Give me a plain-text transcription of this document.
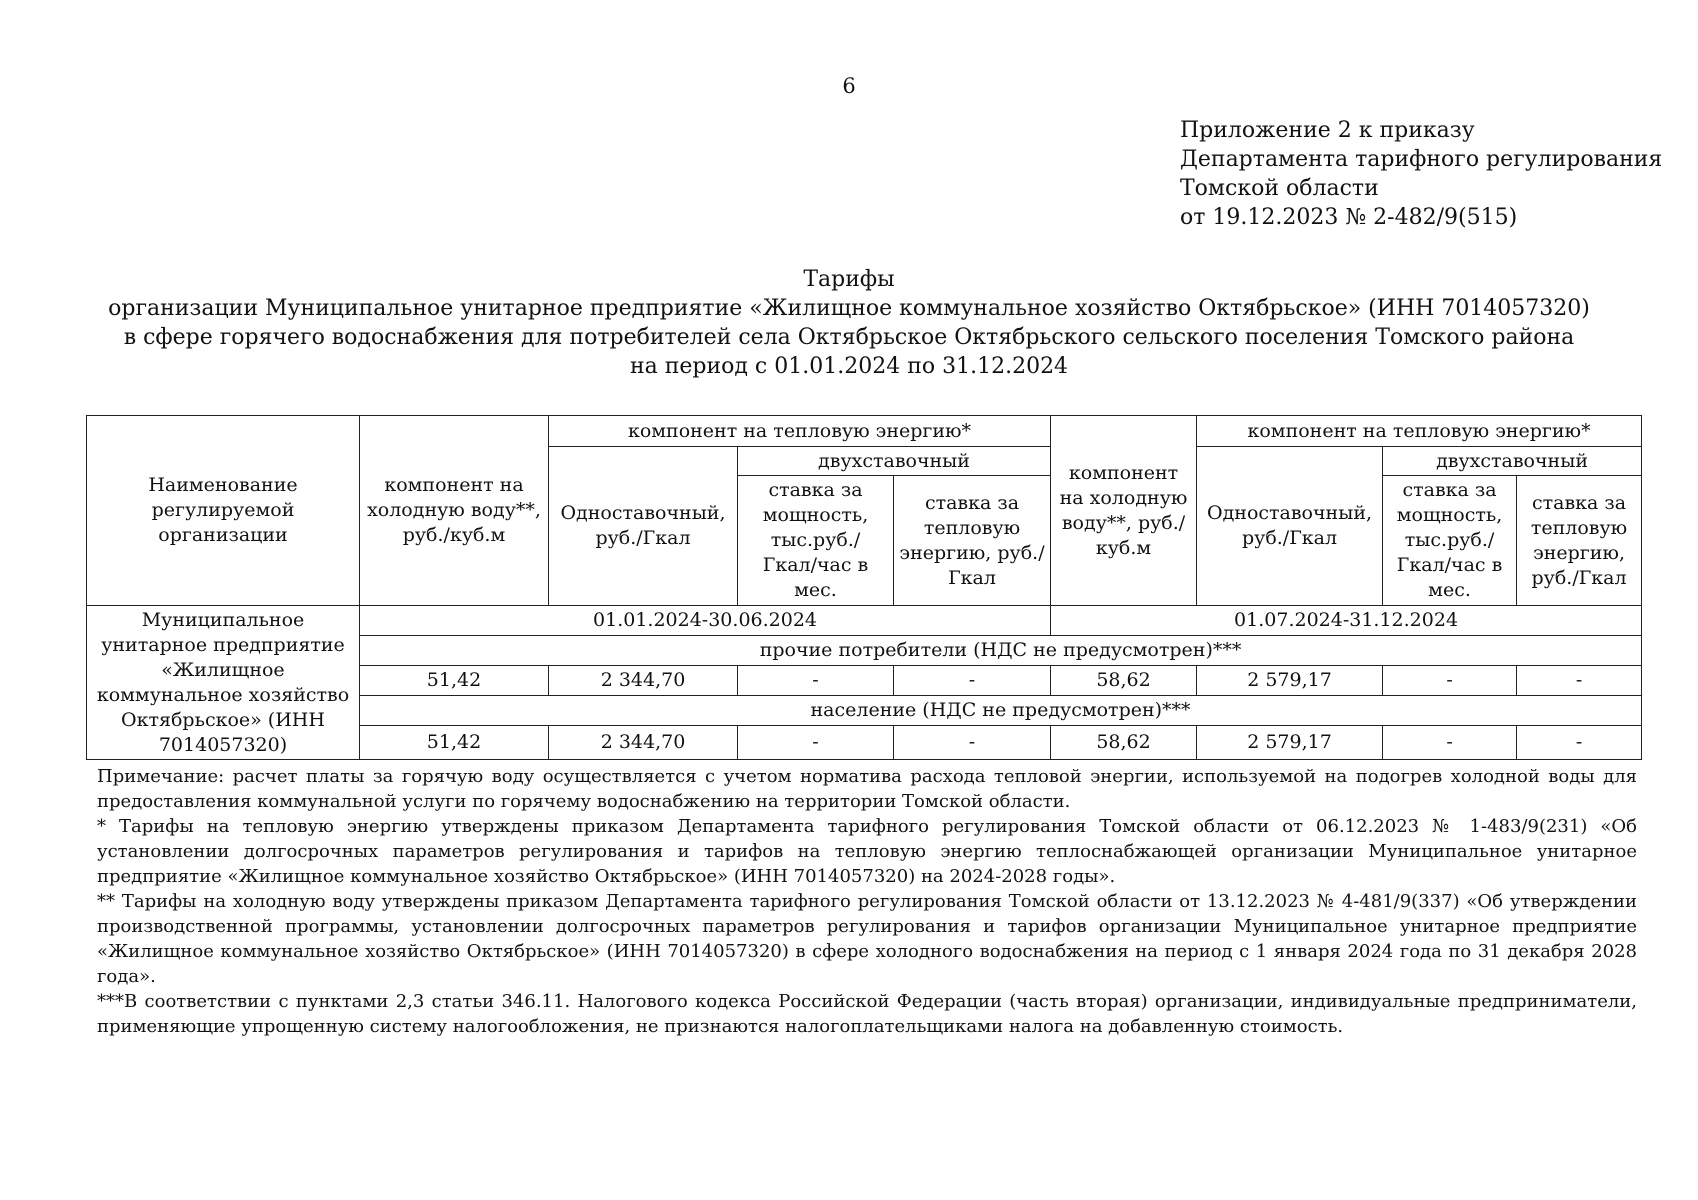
6
Приложение 2 к приказу
Департамента тарифного регулирования
Томской области
от 19.12.2023 № 2-482/9(515)
Тарифы
организации Муниципальное унитарное предприятие «Жилищное коммунальное хозяйство Октябрьское» (ИНН 7014057320)
в сфере горячего водоснабжения для потребителей села Октябрьское Октябрьского сельского поселения Томского района
на период с 01.01.2024 по 31.12.2024
Наименование регулируемой организации	компонент на холодную воду**, руб./куб.м	компонент на тепловую энергию*			компонент на холодную воду**, руб./куб.м	компонент на тепловую энергию*		
		Одноставочный, руб./Гкал	двухставочный			Одноставочный, руб./Гкал	двухставочный	
			ставка за мощность, тыс.руб./ Гкал/час в мес.	ставка за тепловую энергию, руб./Гкал			ставка за мощность, тыс.руб./ Гкал/час в мес.	ставка за тепловую энергию, руб./Гкал
Муниципальное унитарное предприятие «Жилищное коммунальное хозяйство Октябрьское» (ИНН 7014057320)	01.01.2024-30.06.2024				01.07.2024-31.12.2024			
	прочие потребители (НДС не предусмотрен)***							
	51,42	2 344,70	-	-	58,62	2 579,17	-	-
	население (НДС не предусмотрен)***							
	51,42	2 344,70	-	-	58,62	2 579,17	-	-

Примечание: расчет платы за горячую воду осуществляется с учетом норматива расхода тепловой энергии, используемой на подогрев холодной воды для предоставления коммунальной услуги по горячему водоснабжению на территории Томской области.

* Тарифы на тепловую энергию утверждены приказом Департамента тарифного регулирования Томской области от 06.12.2023 № 1-483/9(231) «Об установлении долгосрочных параметров регулирования и тарифов на тепловую энергию теплоснабжающей организации Муниципальное унитарное предприятие «Жилищное коммунальное хозяйство Октябрьское» (ИНН 7014057320) на 2024-2028 годы».

** Тарифы на холодную воду утверждены приказом Департамента тарифного регулирования Томской области от 13.12.2023 № 4-481/9(337) «Об утверждении производственной программы, установлении долгосрочных параметров регулирования и тарифов организации Муниципальное унитарное предприятие «Жилищное коммунальное хозяйство Октябрьское» (ИНН 7014057320) в сфере холодного водоснабжения на период с 1 января 2024 года по 31 декабря 2028 года».

***В соответствии с пунктами 2,3 статьи 346.11. Налогового кодекса Российской Федерации (часть вторая) организации, индивидуальные предприниматели, применяющие упрощенную систему налогообложения, не признаются налогоплательщиками налога на добавленную стоимость.
